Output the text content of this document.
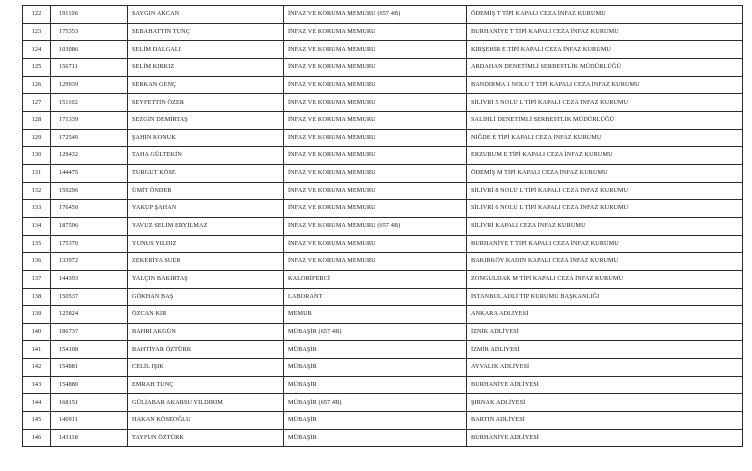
122	191106	SAYGIN AKCAN	İNFAZ VE KORUMA MEMURU (657 4B)	ÖDEMİŞ T TİPİ KAPALI CEZA İNFAZ KURUMU
123	175353	SEBAHATTİN TUNÇ	İNFAZ VE KORUMA MEMURU	BURHANİYE T TİPİ KAPALI CEZA İNFAZ KURUMU
124	103086	SELİM DALGALI	İNFAZ VE KORUMA MEMURU	KIRŞEHİR E TİPİ KAPALI CEZA İNFAZ KURUMU
125	156711	SELİM KIRKIZ	İNFAZ VE KORUMA MEMURU	ARDAHAN DENETİMLİ SERBESTLİK MÜDÜRLÜĞÜ
126	129939	SERKAN GENÇ	İNFAZ VE KORUMA MEMURU	BANDIRMA 1 NOLU T TİPİ KAPALI CEZA İNFAZ KURUMU
127	151102	SEYFETTİN ÖZER	İNFAZ VE KORUMA MEMURU	SİLİVRİ 5 NOLU L TİPİ KAPALI CEZA İNFAZ KURUMU
128	171339	SEZGİN DEMİRTAŞ	İNFAZ VE KORUMA MEMURU	SALİHLİ DENETİMLİ SERBESTLİK MÜDÜRLÜĞÜ
129	172549	ŞAHİN KONUK	İNFAZ VE KORUMA MEMURU	NİĞDE E TİPİ KAPALI CEZA İNFAZ KURUMU
130	129432	TAHA GÜLTEKİN	İNFAZ VE KORUMA MEMURU	ERZURUM E TİPİ KAPALI CEZA İNFAZ KURUMU
131	144475	TURGUT KÖSE	İNFAZ VE KORUMA MEMURU	ÖDEMİŞ M TİPİ KAPALI CEZA İNFAZ KURUMU
132	159296	ÜMİT ÖNDER	İNFAZ VE KORUMA MEMURU	SİLİVRİ 8 NOLU L TİPİ KAPALI CEZA İNFAZ KURUMU
133	176450	YAKUP ŞAHAN	İNFAZ VE KORUMA MEMURU	SİLİVRİ 6 NOLU L TİPİ KAPALI CEZA İNFAZ KURUMU
134	187596	YAVUZ SELİM ERYILMAZ	İNFAZ VE KORUMA MEMURU (657 4B)	SİLİVRİ KAPALI CEZA İNFAZ KURUMU
135	175370	YUNUS YILDIZ	İNFAZ VE KORUMA MEMURU	BURHANİYE T TİPİ KAPALI CEZA İNFAZ KURUMU
136	133972	ZEKERİYA SUER	İNFAZ VE KORUMA MEMURU	BAKIRKÖY KADIN KAPALI CEZA İNFAZ KURUMU
137	144393	YALÇIN BAKIRTAŞ	KALORİFERCİ	ZONGULDAK M TİPİ KAPALI CEZA İNFAZ KURUMU
138	150537	GÖKHAN BAŞ	LABORANT	İSTANBUL ADLİ TIP KURUMU BAŞKANLIĞI
139	125824	ÖZCAN KIR	MEMUR	ANKARA ADLİYESİ
140	186737	BAHRİ AKGÜN	MÜBAŞİR (657 4B)	İZNİK ADLİYESİ
141	154108	BAHTİYAR ÖZTÜRK	MÜBAŞİR	İZMİR ADLİYESİ
142	154881	CELİL IŞIK	MÜBAŞİR	AYVALIK ADLİYESİ
143	154880	EMRAH TUNÇ	MÜBAŞİR	BURHANİYE ADLİYESİ
144	168151	GÜLİABAR AKARSU YILDIRIM	MÜBAŞİR (657 4B)	ŞIRNAK ADLİYESİ
145	140911	HAKAN KÖSEOĞLU	MÜBAŞİR	BARTIN ADLİYESİ
146	143118	TAYFUN ÖZTÜRK	MÜBAŞİR	BURHANİYE ADLİYESİ
